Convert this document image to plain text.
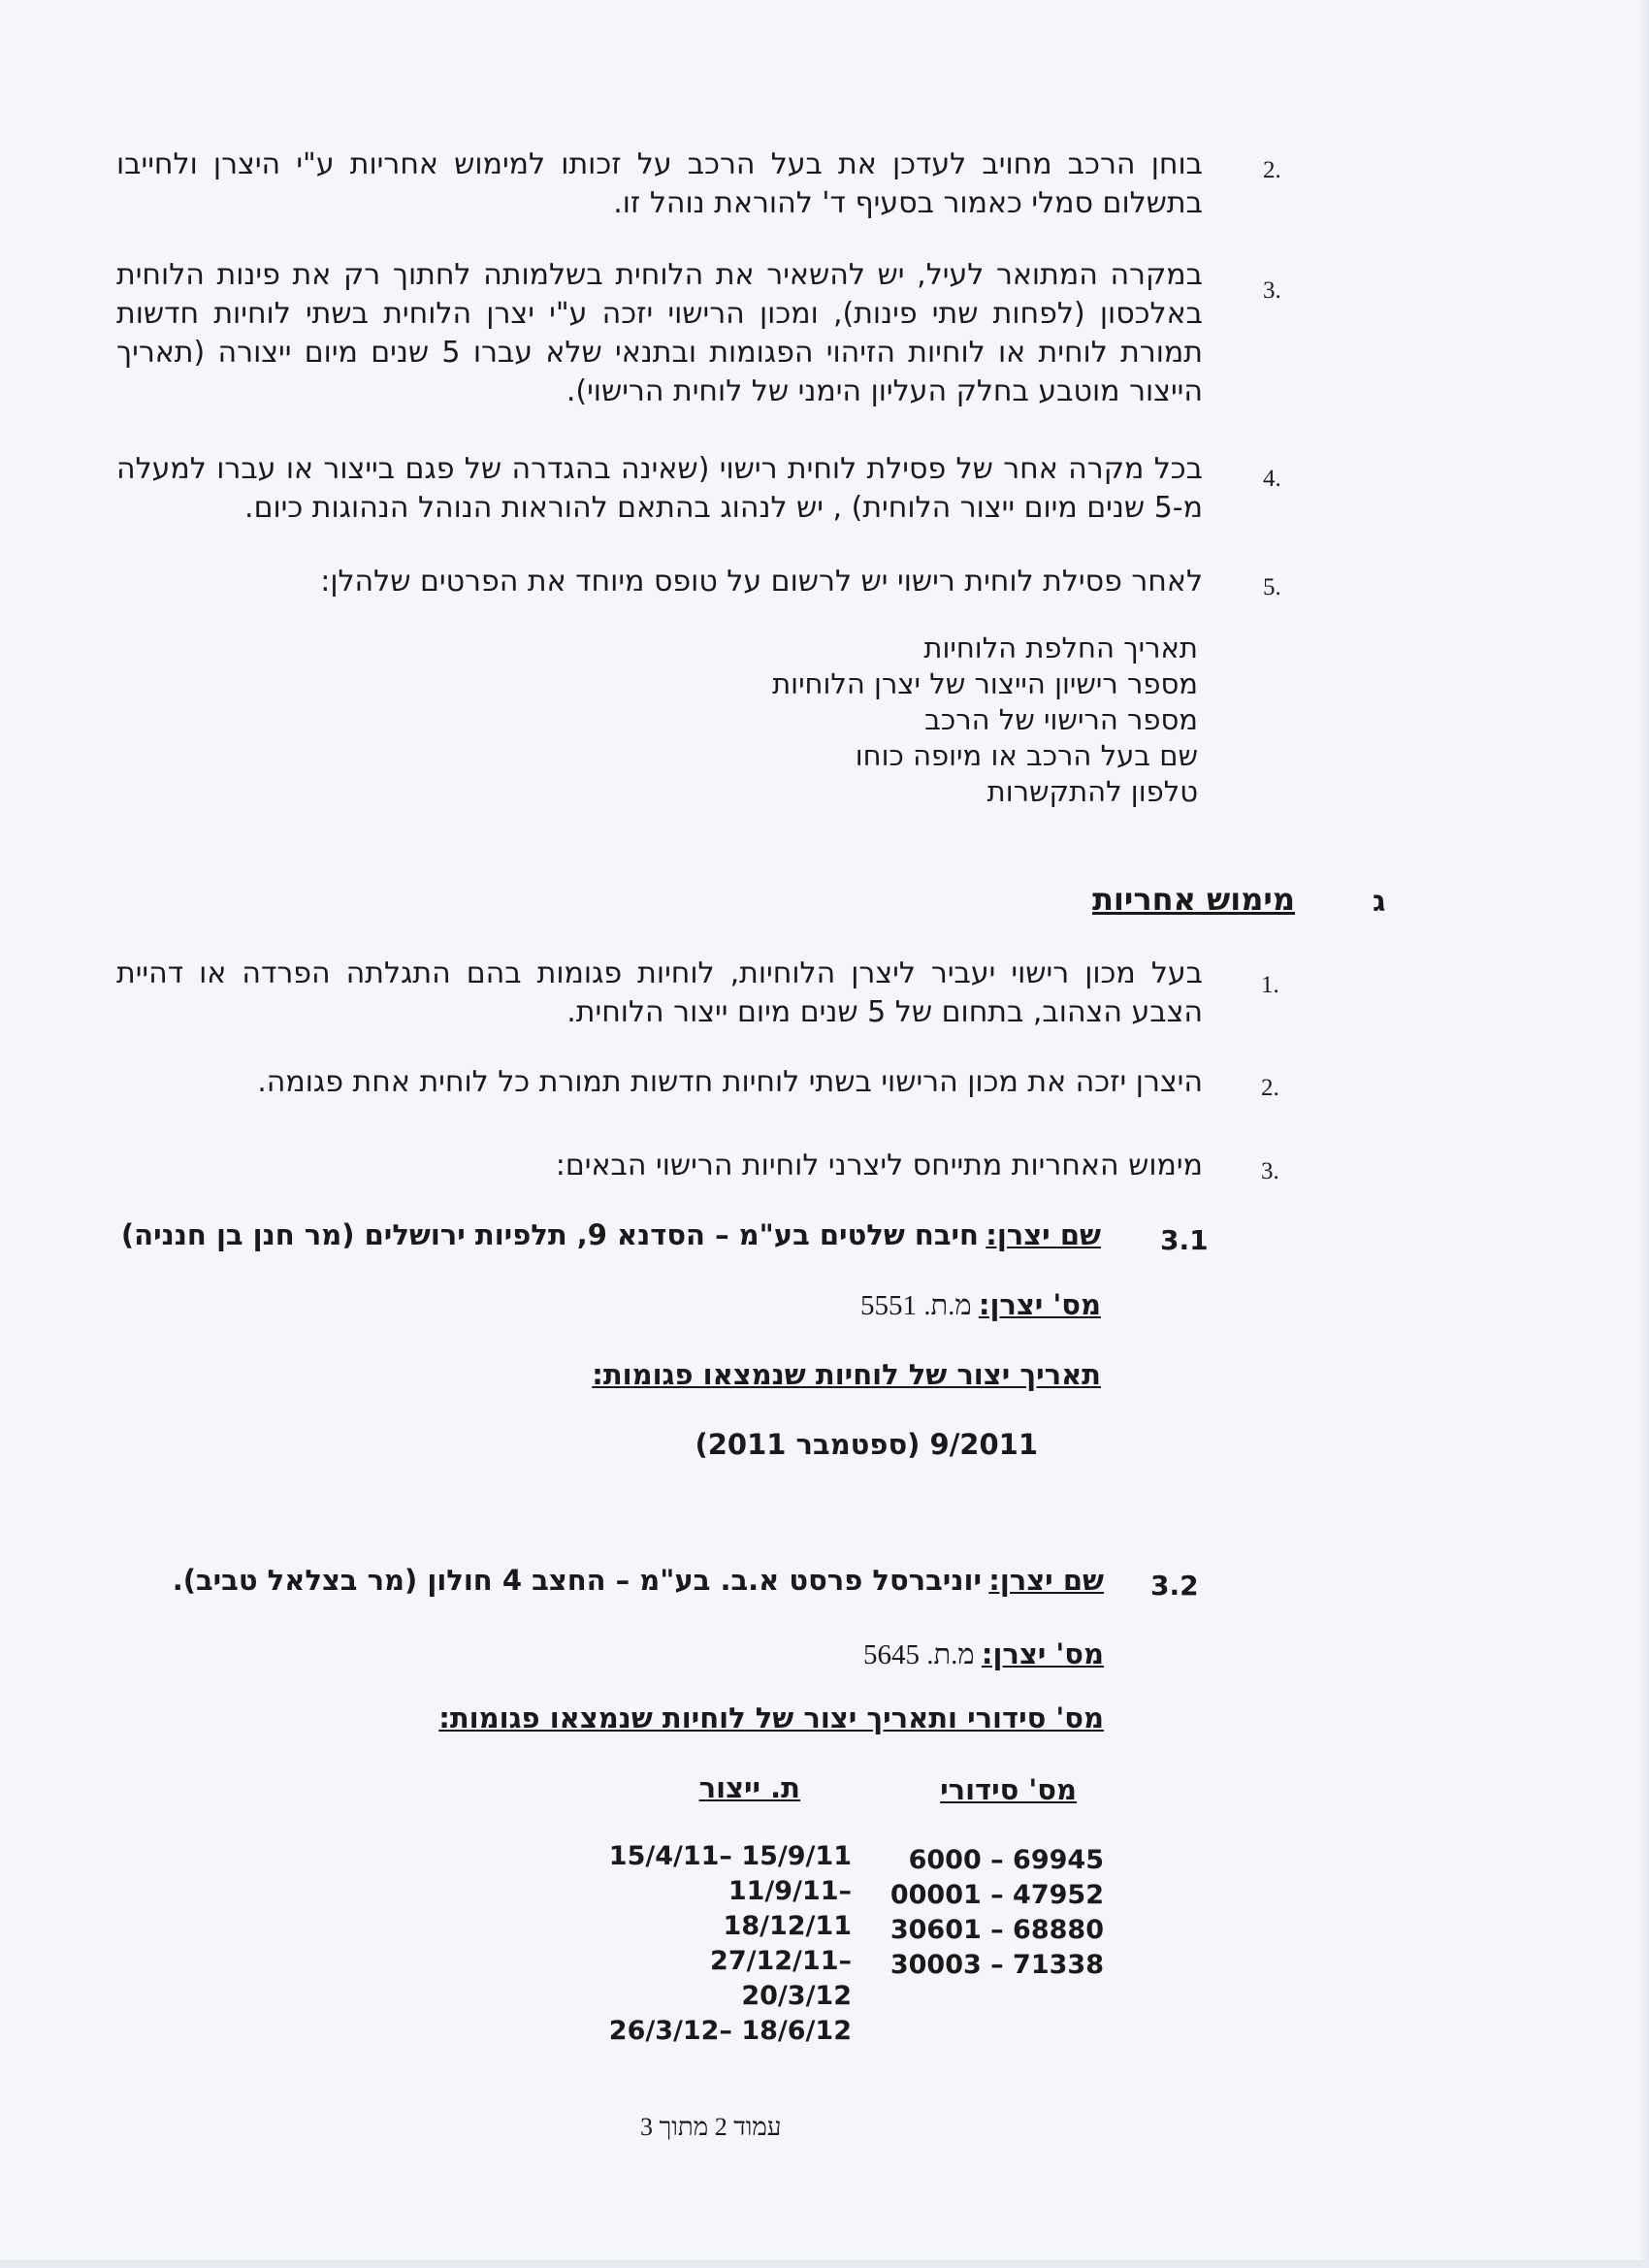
2.
בוחן הרכב מחויב לעדכן את בעל הרכב על זכותו למימוש אחריות ע"י היצרן ולחייבו בתשלום סמלי כאמור בסעיף ד' להוראת נוהל זו.
3.
במקרה המתואר לעיל, יש להשאיר את הלוחית בשלמותה לחתוך רק את פינות הלוחית באלכסון (לפחות שתי פינות), ומכון הרישוי יזכה ע"י יצרן הלוחית בשתי לוחיות חדשות תמורת לוחית או לוחיות הזיהוי הפגומות ובתנאי שלא עברו 5 שנים מיום ייצורה (תאריך הייצור מוטבע בחלק העליון הימני של לוחית הרישוי).
4.
בכל מקרה אחר של פסילת לוחית רישוי (שאינה בהגדרה של פגם בייצור או עברו למעלה מ-5 שנים מיום ייצור הלוחית) , יש לנהוג בהתאם להוראות הנוהל הנהוגות כיום.
5.
לאחר פסילת לוחית רישוי יש לרשום על טופס מיוחד את הפרטים שלהלן:
תאריך החלפת הלוחיות
מספר רישיון הייצור של יצרן הלוחיות
מספר הרישוי של הרכב
שם בעל הרכב או מיופה כוחו
טלפון להתקשרות
ג
מימוש אחריות
1.
בעל מכון רישוי יעביר ליצרן הלוחיות, לוחיות פגומות בהם התגלתה הפרדה או דהיית הצבע הצהוב, בתחום של 5 שנים מיום ייצור הלוחית.
2.
היצרן יזכה את מכון הרישוי בשתי לוחיות חדשות תמורת כל לוחית אחת פגומה.
3.
מימוש האחריות מתייחס ליצרני לוחיות הרישוי הבאים:
3.1
שם יצרן: חיבח שלטים בע"מ – הסדנא 9, תלפיות ירושלים (מר חנן בן חנניה)
מס' יצרן: מ.ת. 5551
תאריך יצור של לוחיות שנמצאו פגומות:
9/2011 (ספטמבר 2011)
3.2
שם יצרן: יוניברסל פרסט א.ב. בע"מ – החצב 4 חולון (מר בצלאל טביב).
מס' יצרן: מ.ת. 5645
מס' סידורי ותאריך יצור של לוחיות שנמצאו פגומות:
מס' סידורי
ת. ייצור
6000 – 69945
00001 – 47952
30601 – 68880
30003 – 71338
15/4/11– 15/9/11
11/9/11– 18/12/11
27/12/11– 20/3/12
26/3/12– 18/6/12
עמוד 2 מתוך 3
